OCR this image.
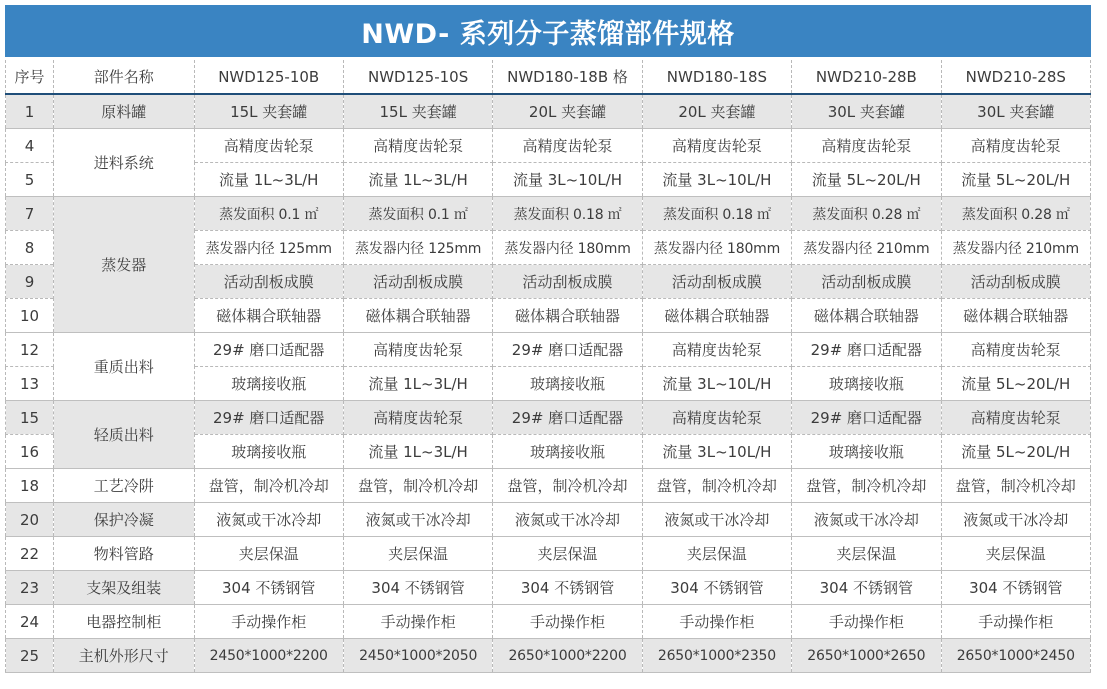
NWD- 系列分子蒸馏部件规格
序号	部件名称	NWD125-10B	NWD125-10S	NWD180-18B 格	NWD180-18S	NWD210-28B	NWD210-28S
1	原料罐	15L 夹套罐	15L 夹套罐	20L 夹套罐	20L 夹套罐	30L 夹套罐	30L 夹套罐
4	进料系统	高精度齿轮泵	高精度齿轮泵	高精度齿轮泵	高精度齿轮泵	高精度齿轮泵	高精度齿轮泵
5		流量 1L~3L/H	流量 1L~3L/H	流量 3L~10L/H	流量 3L~10L/H	流量 5L~20L/H	流量 5L~20L/H
7	蒸发器	蒸发面积 0.1 ㎡	蒸发面积 0.1 ㎡	蒸发面积 0.18 ㎡	蒸发面积 0.18 ㎡	蒸发面积 0.28 ㎡	蒸发面积 0.28 ㎡
8		蒸发器内径 125mm	蒸发器内径 125mm	蒸发器内径 180mm	蒸发器内径 180mm	蒸发器内径 210mm	蒸发器内径 210mm
9		活动刮板成膜	活动刮板成膜	活动刮板成膜	活动刮板成膜	活动刮板成膜	活动刮板成膜
10		磁体耦合联轴器	磁体耦合联轴器	磁体耦合联轴器	磁体耦合联轴器	磁体耦合联轴器	磁体耦合联轴器
12	重质出料	29# 磨口适配器	高精度齿轮泵	29# 磨口适配器	高精度齿轮泵	29# 磨口适配器	高精度齿轮泵
13		玻璃接收瓶	流量 1L~3L/H	玻璃接收瓶	流量 3L~10L/H	玻璃接收瓶	流量 5L~20L/H
15	轻质出料	29# 磨口适配器	高精度齿轮泵	29# 磨口适配器	高精度齿轮泵	29# 磨口适配器	高精度齿轮泵
16		玻璃接收瓶	流量 1L~3L/H	玻璃接收瓶	流量 3L~10L/H	玻璃接收瓶	流量 5L~20L/H
18	工艺冷阱	盘管，制冷机冷却	盘管，制冷机冷却	盘管，制冷机冷却	盘管，制冷机冷却	盘管，制冷机冷却	盘管，制冷机冷却
20	保护冷凝	液氮或干冰冷却	液氮或干冰冷却	液氮或干冰冷却	液氮或干冰冷却	液氮或干冰冷却	液氮或干冰冷却
22	物料管路	夹层保温	夹层保温	夹层保温	夹层保温	夹层保温	夹层保温
23	支架及组装	304 不锈钢管	304 不锈钢管	304 不锈钢管	304 不锈钢管	304 不锈钢管	304 不锈钢管
24	电器控制柜	手动操作柜	手动操作柜	手动操作柜	手动操作柜	手动操作柜	手动操作柜
25	主机外形尺寸	2450*1000*2200	2450*1000*2050	2650*1000*2200	2650*1000*2350	2650*1000*2650	2650*1000*2450
